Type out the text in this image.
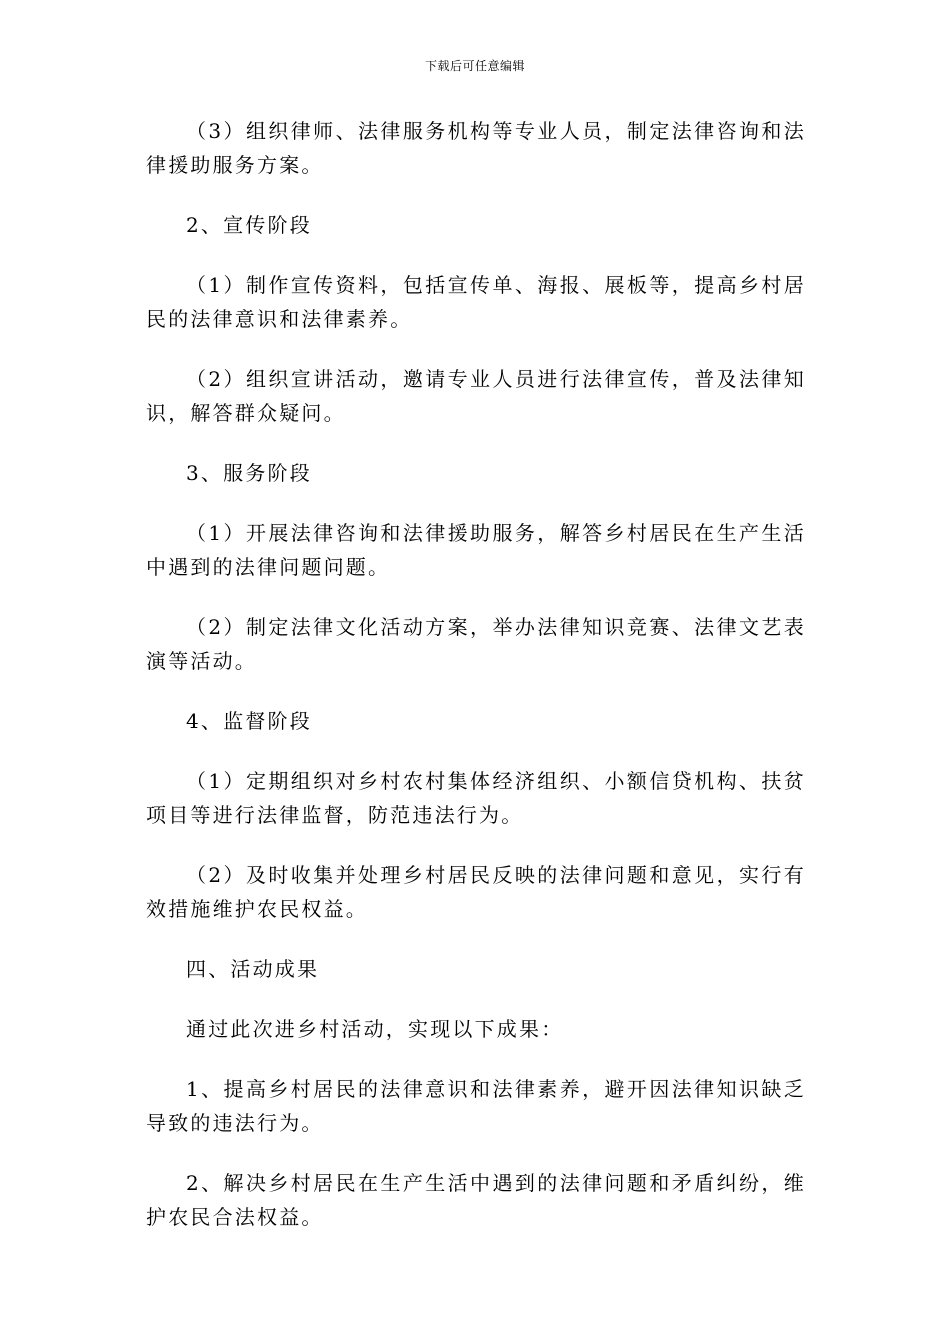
下载后可任意编辑

（3）组织律师、法律服务机构等专业人员，制定法律咨询和法律援助服务方案。

2、宣传阶段

（1）制作宣传资料，包括宣传单、海报、展板等，提高乡村居民的法律意识和法律素养。

（2）组织宣讲活动，邀请专业人员进行法律宣传，普及法律知识，解答群众疑问。

3、服务阶段

（1）开展法律咨询和法律援助服务，解答乡村居民在生产生活中遇到的法律问题问题。

（2）制定法律文化活动方案，举办法律知识竞赛、法律文艺表演等活动。

4、监督阶段

（1）定期组织对乡村农村集体经济组织、小额信贷机构、扶贫项目等进行法律监督，防范违法行为。

（2）及时收集并处理乡村居民反映的法律问题和意见，实行有效措施维护农民权益。

四、活动成果

通过此次进乡村活动，实现以下成果：

1、提高乡村居民的法律意识和法律素养，避开因法律知识缺乏导致的违法行为。

2、解决乡村居民在生产生活中遇到的法律问题和矛盾纠纷，维护农民合法权益。
